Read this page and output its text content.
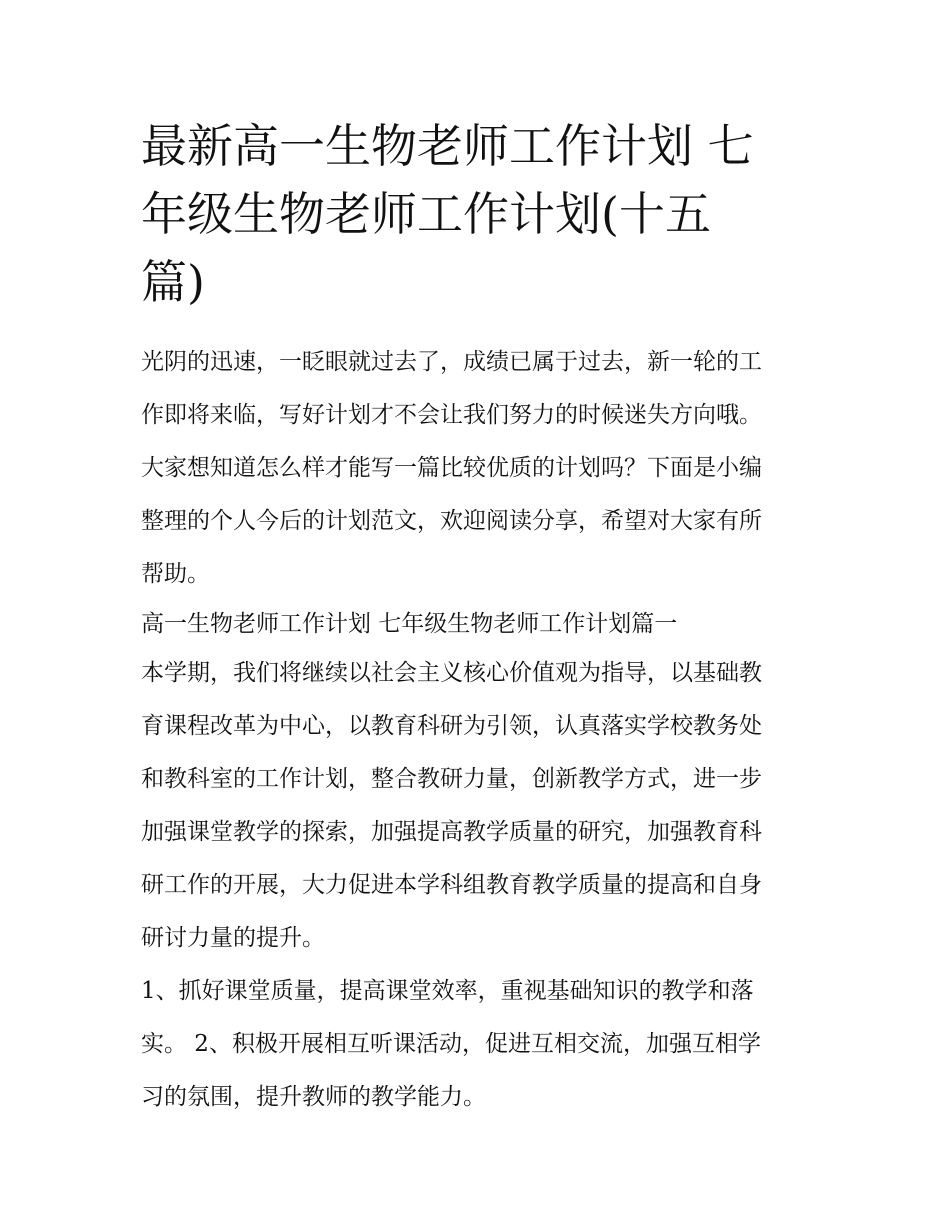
最新高一生物老师工作计划 七
年级生物老师工作计划(十五
篇)

光阴的迅速，一眨眼就过去了，成绩已属于过去，新一轮的工
作即将来临，写好计划才不会让我们努力的时候迷失方向哦。
大家想知道怎么样才能写一篇比较优质的计划吗？下面是小编
整理的个人今后的计划范文，欢迎阅读分享，希望对大家有所
帮助。

高一生物老师工作计划 七年级生物老师工作计划篇一

本学期，我们将继续以社会主义核心价值观为指导，以基础教
育课程改革为中心，以教育科研为引领，认真落实学校教务处
和教科室的工作计划，整合教研力量，创新教学方式，进一步
加强课堂教学的探索，加强提高教学质量的研究，加强教育科
研工作的开展，大力促进本学科组教育教学质量的提高和自身
研讨力量的提升。

1、抓好课堂质量，提高课堂效率，重视基础知识的教学和落
实。 2、积极开展相互听课活动，促进互相交流，加强互相学
习的氛围，提升教师的教学能力。
